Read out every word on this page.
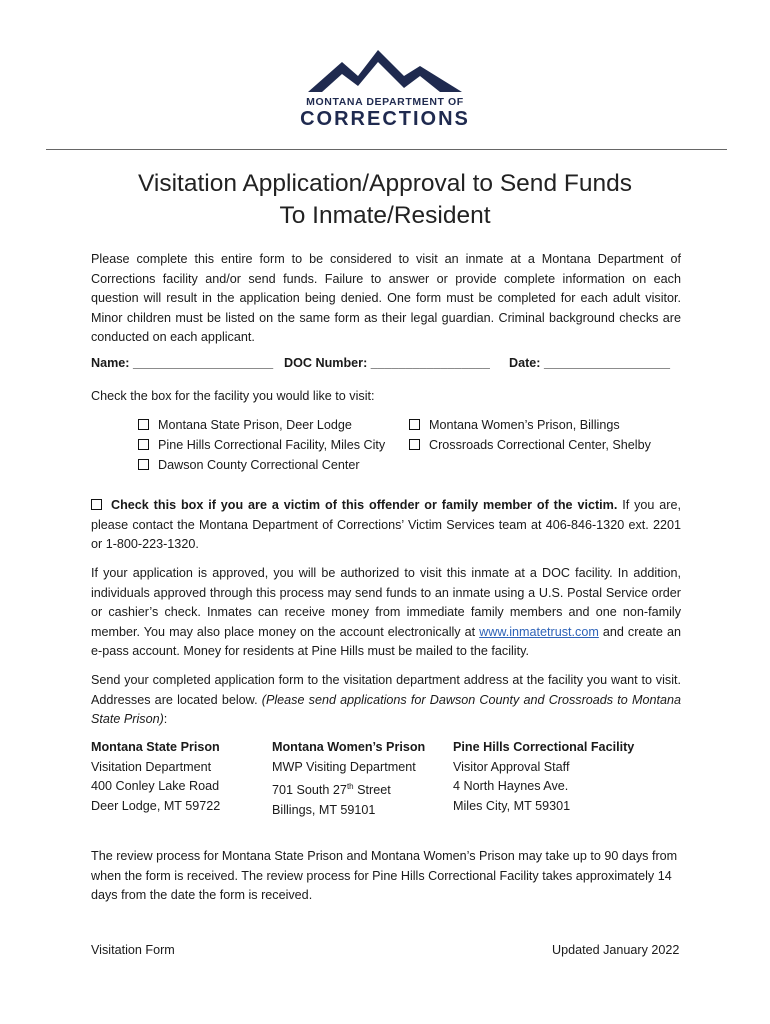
MONTANA DEPARTMENT OF
CORRECTIONS
Visitation Application/Approval to Send Funds
To Inmate/Resident
Please complete this entire form to be considered to visit an inmate at a Montana Department of Corrections facility and/or send funds. Failure to answer or provide complete information on each question will result in the application being denied. One form must be completed for each adult visitor. Minor children must be listed on the same form as their legal guardian. Criminal background checks are conducted on each applicant.
Name: ____________________ DOC Number: _________________ Date: __________________
Check the box for the facility you would like to visit:
Montana State Prison, Deer Lodge
Pine Hills Correctional Facility, Miles City
Dawson County Correctional Center
Montana Women’s Prison, Billings
Crossroads Correctional Center, Shelby
Check this box if you are a victim of this offender or family member of the victim. If you are, please contact the Montana Department of Corrections’ Victim Services team at 406-846-1320 ext. 2201 or 1-800-223-1320.
If your application is approved, you will be authorized to visit this inmate at a DOC facility. In addition, individuals approved through this process may send funds to an inmate using a U.S. Postal Service order or cashier’s check. Inmates can receive money from immediate family members and one non-family member. You may also place money on the account electronically at www.inmatetrust.com and create an e-pass account. Money for residents at Pine Hills must be mailed to the facility.
Send your completed application form to the visitation department address at the facility you want to visit. Addresses are located below. (Please send applications for Dawson County and Crossroads to Montana State Prison):
Montana State Prison
Visitation Department
400 Conley Lake Road
Deer Lodge, MT 59722
Montana Women’s Prison
MWP Visiting Department
701 South 27th Street
Billings, MT 59101
Pine Hills Correctional Facility
Visitor Approval Staff
4 North Haynes Ave.
Miles City, MT 59301
The review process for Montana State Prison and Montana Women’s Prison may take up to 90 days from when the form is received. The review process for Pine Hills Correctional Facility takes approximately 14 days from the date the form is received.
Visitation Form	Updated January 2022
